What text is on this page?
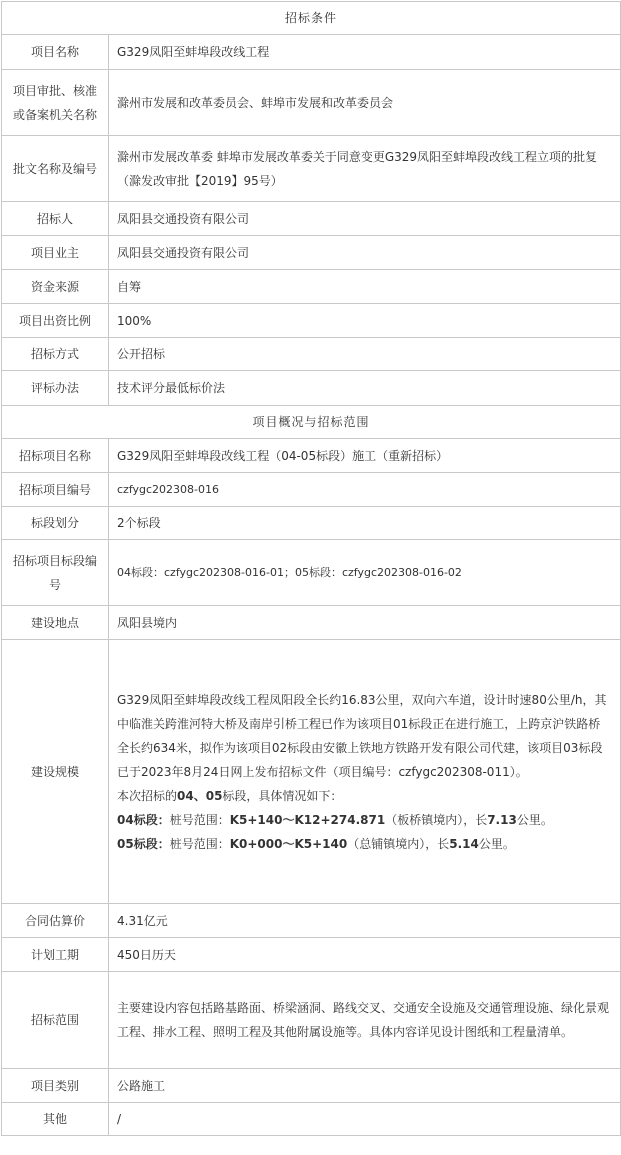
招标条件	
项目名称	G329凤阳至蚌埠段改线工程
项目审批、核准或备案机关名称	滁州市发展和改革委员会、蚌埠市发展和改革委员会
批文名称及编号	滁州市发展改革委 蚌埠市发展改革委关于同意变更G329凤阳至蚌埠段改线工程立项的批复（滁发改审批【2019】95号）
招标人	凤阳县交通投资有限公司
项目业主	凤阳县交通投资有限公司
资金来源	自筹
项目出资比例	100%
招标方式	公开招标
评标办法	技术评分最低标价法
项目概况与招标范围	
招标项目名称	G329凤阳至蚌埠段改线工程（04-05标段）施工（重新招标）
招标项目编号	czfygc202308-016
标段划分	2个标段
招标项目标段编号	04标段：czfygc202308-016-01；05标段：czfygc202308-016-02
建设地点	凤阳县境内
建设规模	G329凤阳至蚌埠段改线工程凤阳段全长约16.83公里，双向六车道，设计时速80公里/h，其中临淮关跨淮河特大桥及南岸引桥工程已作为该项目01标段正在进行施工，上跨京沪铁路桥全长约634米，拟作为该项目02标段由安徽上铁地方铁路开发有限公司代建，该项目03标段已于2023年8月24日网上发布招标文件（项目编号：czfygc202308-011）。

本次招标的04、05标段，具体情况如下：

04标段：桩号范围：K5+140～K12+274.871（板桥镇境内），长7.13公里。

05标段：桩号范围：K0+000～K5+140（总铺镇境内），长5.14公里。

合同估算价	4.31亿元
计划工期	450日历天
招标范围	主要建设内容包括路基路面、桥梁涵洞、路线交叉、交通安全设施及交通管理设施、绿化景观工程、排水工程、照明工程及其他附属设施等。具体内容详见设计图纸和工程量清单。
项目类别	公路施工
其他	/
